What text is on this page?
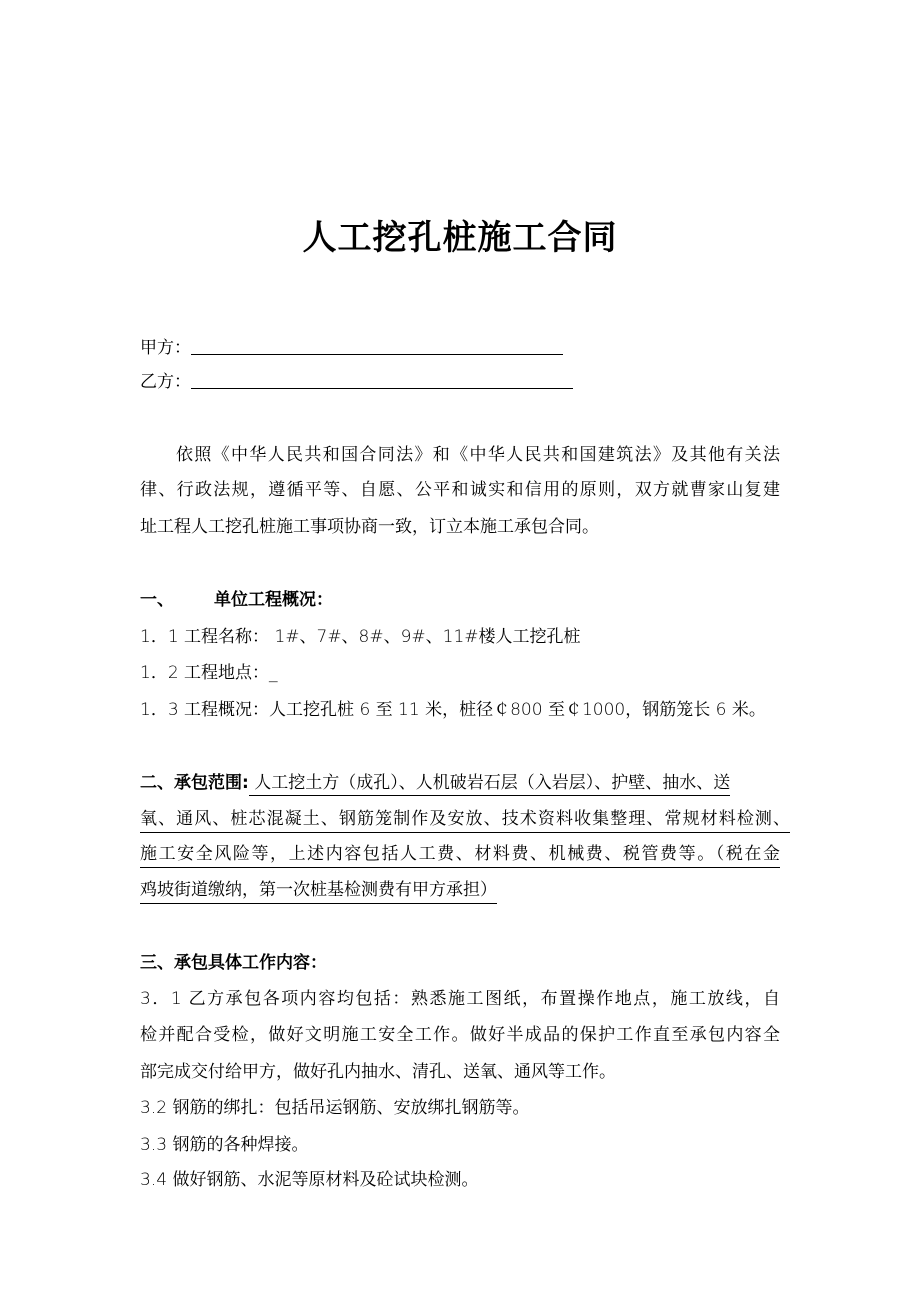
人工挖孔桩施工合同
甲方：
乙方：
依照《中华人民共和国合同法》和《中华人民共和国建筑法》及其他有关法
律、行政法规，遵循平等、自愿、公平和诚实和信用的原则，双方就曹家山复建
址工程人工挖孔桩施工事项协商一致，订立本施工承包合同。
一、 单位工程概况：
1．1 工程名称： 1#、7#、8#、9#、11#楼人工挖孔桩
1．2 工程地点：_
1．3 工程概况：人工挖孔桩 6 至 11 米，桩径￠800 至￠1000，钢筋笼长 6 米。
二、承包范围: 人工挖土方（成孔）、人机破岩石层（入岩层）、护壁、抽水、送
氧、通风、桩芯混凝土、钢筋笼制作及安放、技术资料收集整理、常规材料检测、
施工安全风险等，上述内容包括人工费、材料费、机械费、税管费等。（税在金
鸡坡街道缴纳，第一次桩基检测费有甲方承担）
三、承包具体工作内容：
3．1 乙方承包各项内容均包括：熟悉施工图纸，布置操作地点，施工放线，自
检并配合受检，做好文明施工安全工作。做好半成品的保护工作直至承包内容全
部完成交付给甲方，做好孔内抽水、清孔、送氧、通风等工作。
3.2 钢筋的绑扎：包括吊运钢筋、安放绑扎钢筋等。
3.3 钢筋的各种焊接。
3.4 做好钢筋、水泥等原材料及砼试块检测。
